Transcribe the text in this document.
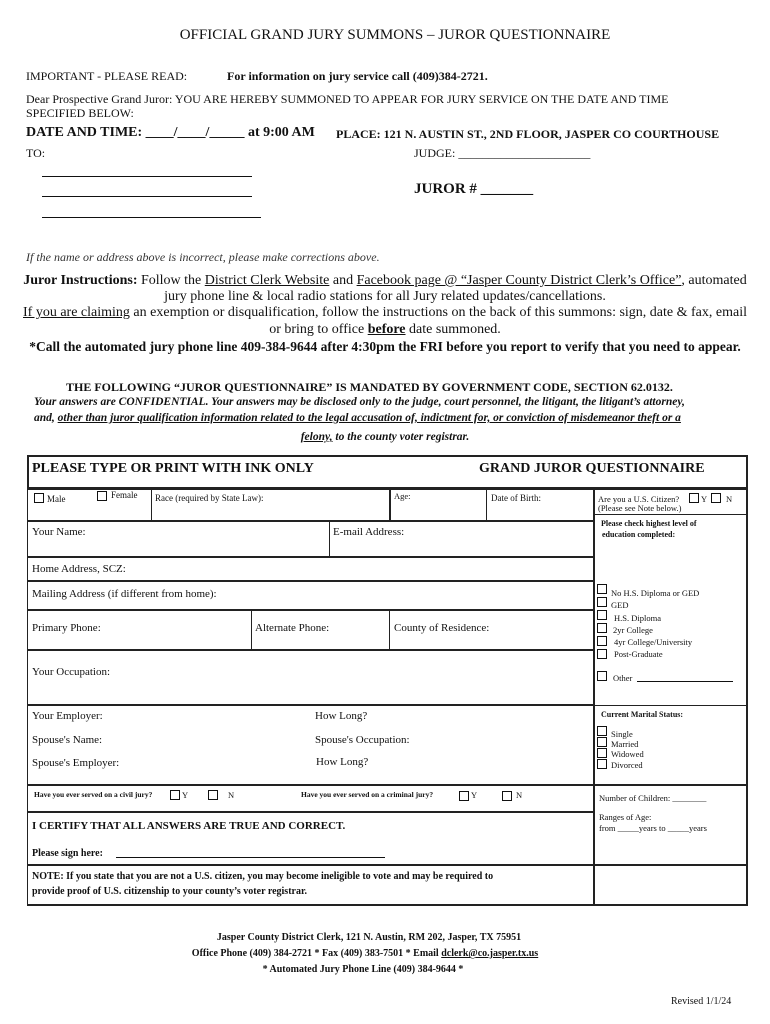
OFFICIAL GRAND JURY SUMMONS – JUROR QUESTIONNAIRE
IMPORTANT - PLEASE READ:	For information on jury service call (409)384-2721.
Dear Prospective Grand Juror: YOU ARE HEREBY SUMMONED TO APPEAR FOR JURY SERVICE ON THE DATE AND TIME
SPECIFIED BELOW:
DATE AND TIME: ____/____/_____ at 9:00 AM PLACE: 121 N. AUSTIN ST., 2ND FLOOR, JASPER CO COURTHOUSE
TO:	JUDGE: ______________________
JUROR # _______
If the name or address above is incorrect, please make corrections above.
Juror Instructions: Follow the District Clerk Website and Facebook page @ “Jasper County District Clerk’s Office”, automated
jury phone line & local radio stations for all Jury related updates/cancellations.
If you are claiming an exemption or disqualification, follow the instructions on the back of this summons: sign, date & fax, email
or bring to office before date summoned.
*Call the automated jury phone line 409-384-9644 after 4:30pm the FRI before you report to verify that you need to appear.
THE FOLLOWING “JUROR QUESTIONNAIRE” IS MANDATED BY GOVERNMENT CODE, SECTION 62.0132.
Your answers are CONFIDENTIAL. Your answers may be disclosed only to the judge, court personnel, the litigant, the litigant’s attorney,
and, other than juror qualification information related to the legal accusation of, indictment for, or conviction of misdemeanor theft or a
felony, to the county voter registrar.
PLEASE TYPE OR PRINT WITH INK ONLY	GRAND JUROR QUESTIONNAIRE
Male	Female Race (required by State Law):	Age:	Date of Birth:	Are you a U.S. Citizen?	Y N
(Please see Note below.)
Please check highest level of
education completed:
Your Name:	E-mail Address:
Home Address, SCZ:
Mailing Address (if different from home):
Primary Phone:	Alternate Phone:	County of Residence:
Your Occupation:
No H.S. Diploma or GED
GED
H.S. Diploma
2yr College
4yr College/University
Post-Graduate
Other
Your Employer:	How Long?
Spouse's Name:	Spouse's Occupation:
Spouse's Employer:	How Long?
Current Marital Status:
Single
Married
Widowed
Divorced
Have you ever served on a civil jury?	Y	N	Have you ever served on a criminal jury?	Y	N	Number of Children: ________
Ranges of Age:
from _____years to _____years
I CERTIFY THAT ALL ANSWERS ARE TRUE AND CORRECT.
Please sign here:
NOTE: If you state that you are not a U.S. citizen, you may become ineligible to vote and may be required to
provide proof of U.S. citizenship to your county’s voter registrar.
Jasper County District Clerk, 121 N. Austin, RM 202, Jasper, TX 75951
Office Phone (409) 384-2721 * Fax (409) 383-7501 * Email dclerk@co.jasper.tx.us
* Automated Jury Phone Line (409) 384-9644 *
Revised 1/1/24
